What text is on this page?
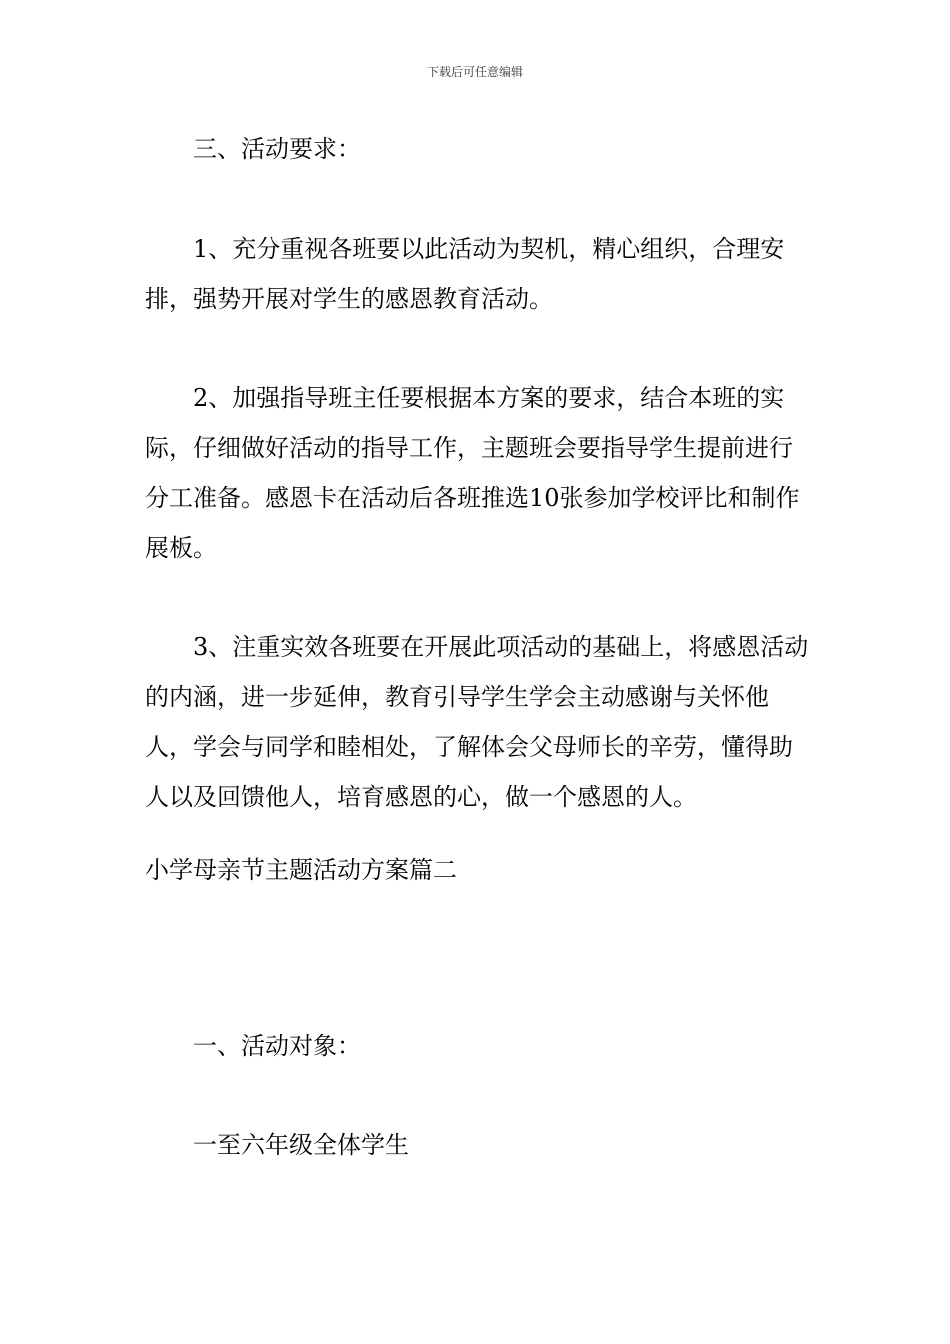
下载后可任意编辑

三、活动要求：

1、充分重视各班要以此活动为契机，精心组织，合理安排，强势开展对学生的感恩教育活动。

2、加强指导班主任要根据本方案的要求，结合本班的实际，仔细做好活动的指导工作，主题班会要指导学生提前进行分工准备。感恩卡在活动后各班推选10张参加学校评比和制作展板。

3、注重实效各班要在开展此项活动的基础上，将感恩活动的内涵，进一步延伸，教育引导学生学会主动感谢与关怀他人，学会与同学和睦相处，了解体会父母师长的辛劳，懂得助人以及回馈他人，培育感恩的心，做一个感恩的人。

小学母亲节主题活动方案篇二

一、活动对象：

一至六年级全体学生
